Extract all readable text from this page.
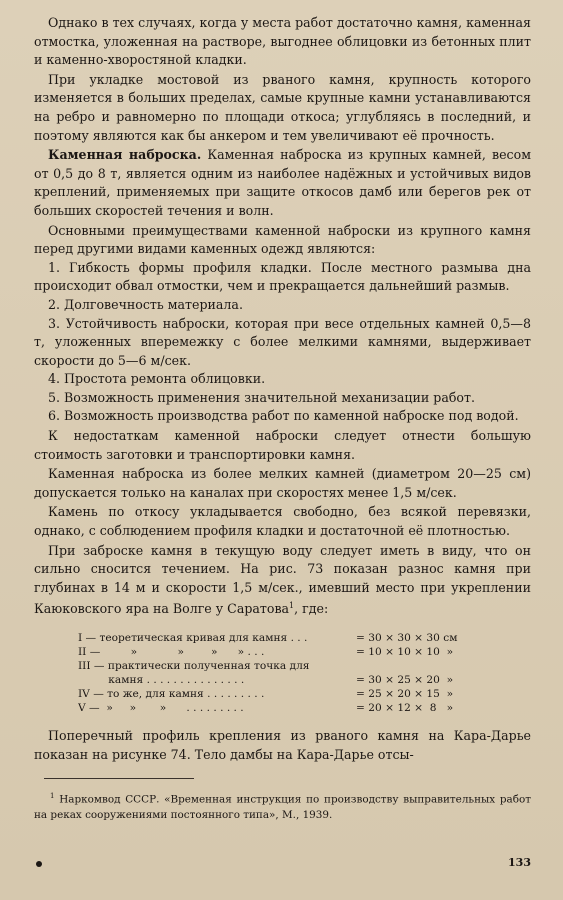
Однако в тех случаях, когда у места работ достаточно камня, каменная отмостка, уложенная на растворе, выгоднее облицовки из бетонных плит и каменно-хворостяной кладки.

При укладке мостовой из рваного камня, крупность которого изменяется в больших пределах, самые крупные камни устанавливаются на ребро и равномерно по площади откоса; углубляясь в последний, и поэтому являются как бы анкером и тем увеличивают её прочность.

Каменная наброска. Каменная наброска из крупных камней, весом от 0,5 до 8 т, является одним из наиболее надёжных и устойчивых видов креплений, применяемых при защите откосов дамб или берегов рек от больших скоростей течения и волн.

Основными преимуществами каменной наброски из крупного камня перед другими видами каменных одежд являются:

1. Гибкость формы профиля кладки. После местного размыва дна происходит обвал отмостки, чем и прекращается дальнейший размыв.

2. Долговечность материала.

3. Устойчивость наброски, которая при весе отдельных камней 0,5—8 т, уложенных вперемежку с более мелкими камнями, выдерживает скорости до 5—6 м/сек.

4. Простота ремонта облицовки.

5. Возможность применения значительной механизации работ.

6. Возможность производства работ по каменной наброске под водой.

К недостаткам каменной наброски следует отнести большую стоимость заготовки и транспортировки камня.

Каменная наброска из более мелких камней (диаметром 20—25 см) допускается только на каналах при скоростях менее 1,5 м/сек.

Камень по откосу укладывается свободно, без всякой перевязки, однако, с соблюдением профиля кладки и достаточной её плотностью.

При заброске камня в текущую воду следует иметь в виду, что он сильно сносится течением. На рис. 73 показан разнос камня при глубинах в 14 м и скорости 1,5 м/сек., имевший место при укреплении Каюковского яра на Волге у Саратова$^1$, где:

I — теоретическая кривая для камня . . .	= 30 × 30 × 30 см
II —         »            »        »      » . . .	= 10 × 10 × 10  »
III — практически полученная точка для
камня . . . . . . . . . . . . . . .	= 30 × 25 × 20  »
IV — то же, для камня . . . . . . . . .	= 25 × 20 × 15  »
V —  »     »       »      . . . . . . . . .	= 20 × 12 ×  8   »

Поперечный профиль крепления из рваного камня на Кара-Дарье показан на рисунке 74. Тело дамбы на Кара-Дарье отсы-

$^1$ Наркомвод СССР. «Временная инструкция по производству выправительных работ на реках сооружениями постоянного типа», М., 1939.

133
